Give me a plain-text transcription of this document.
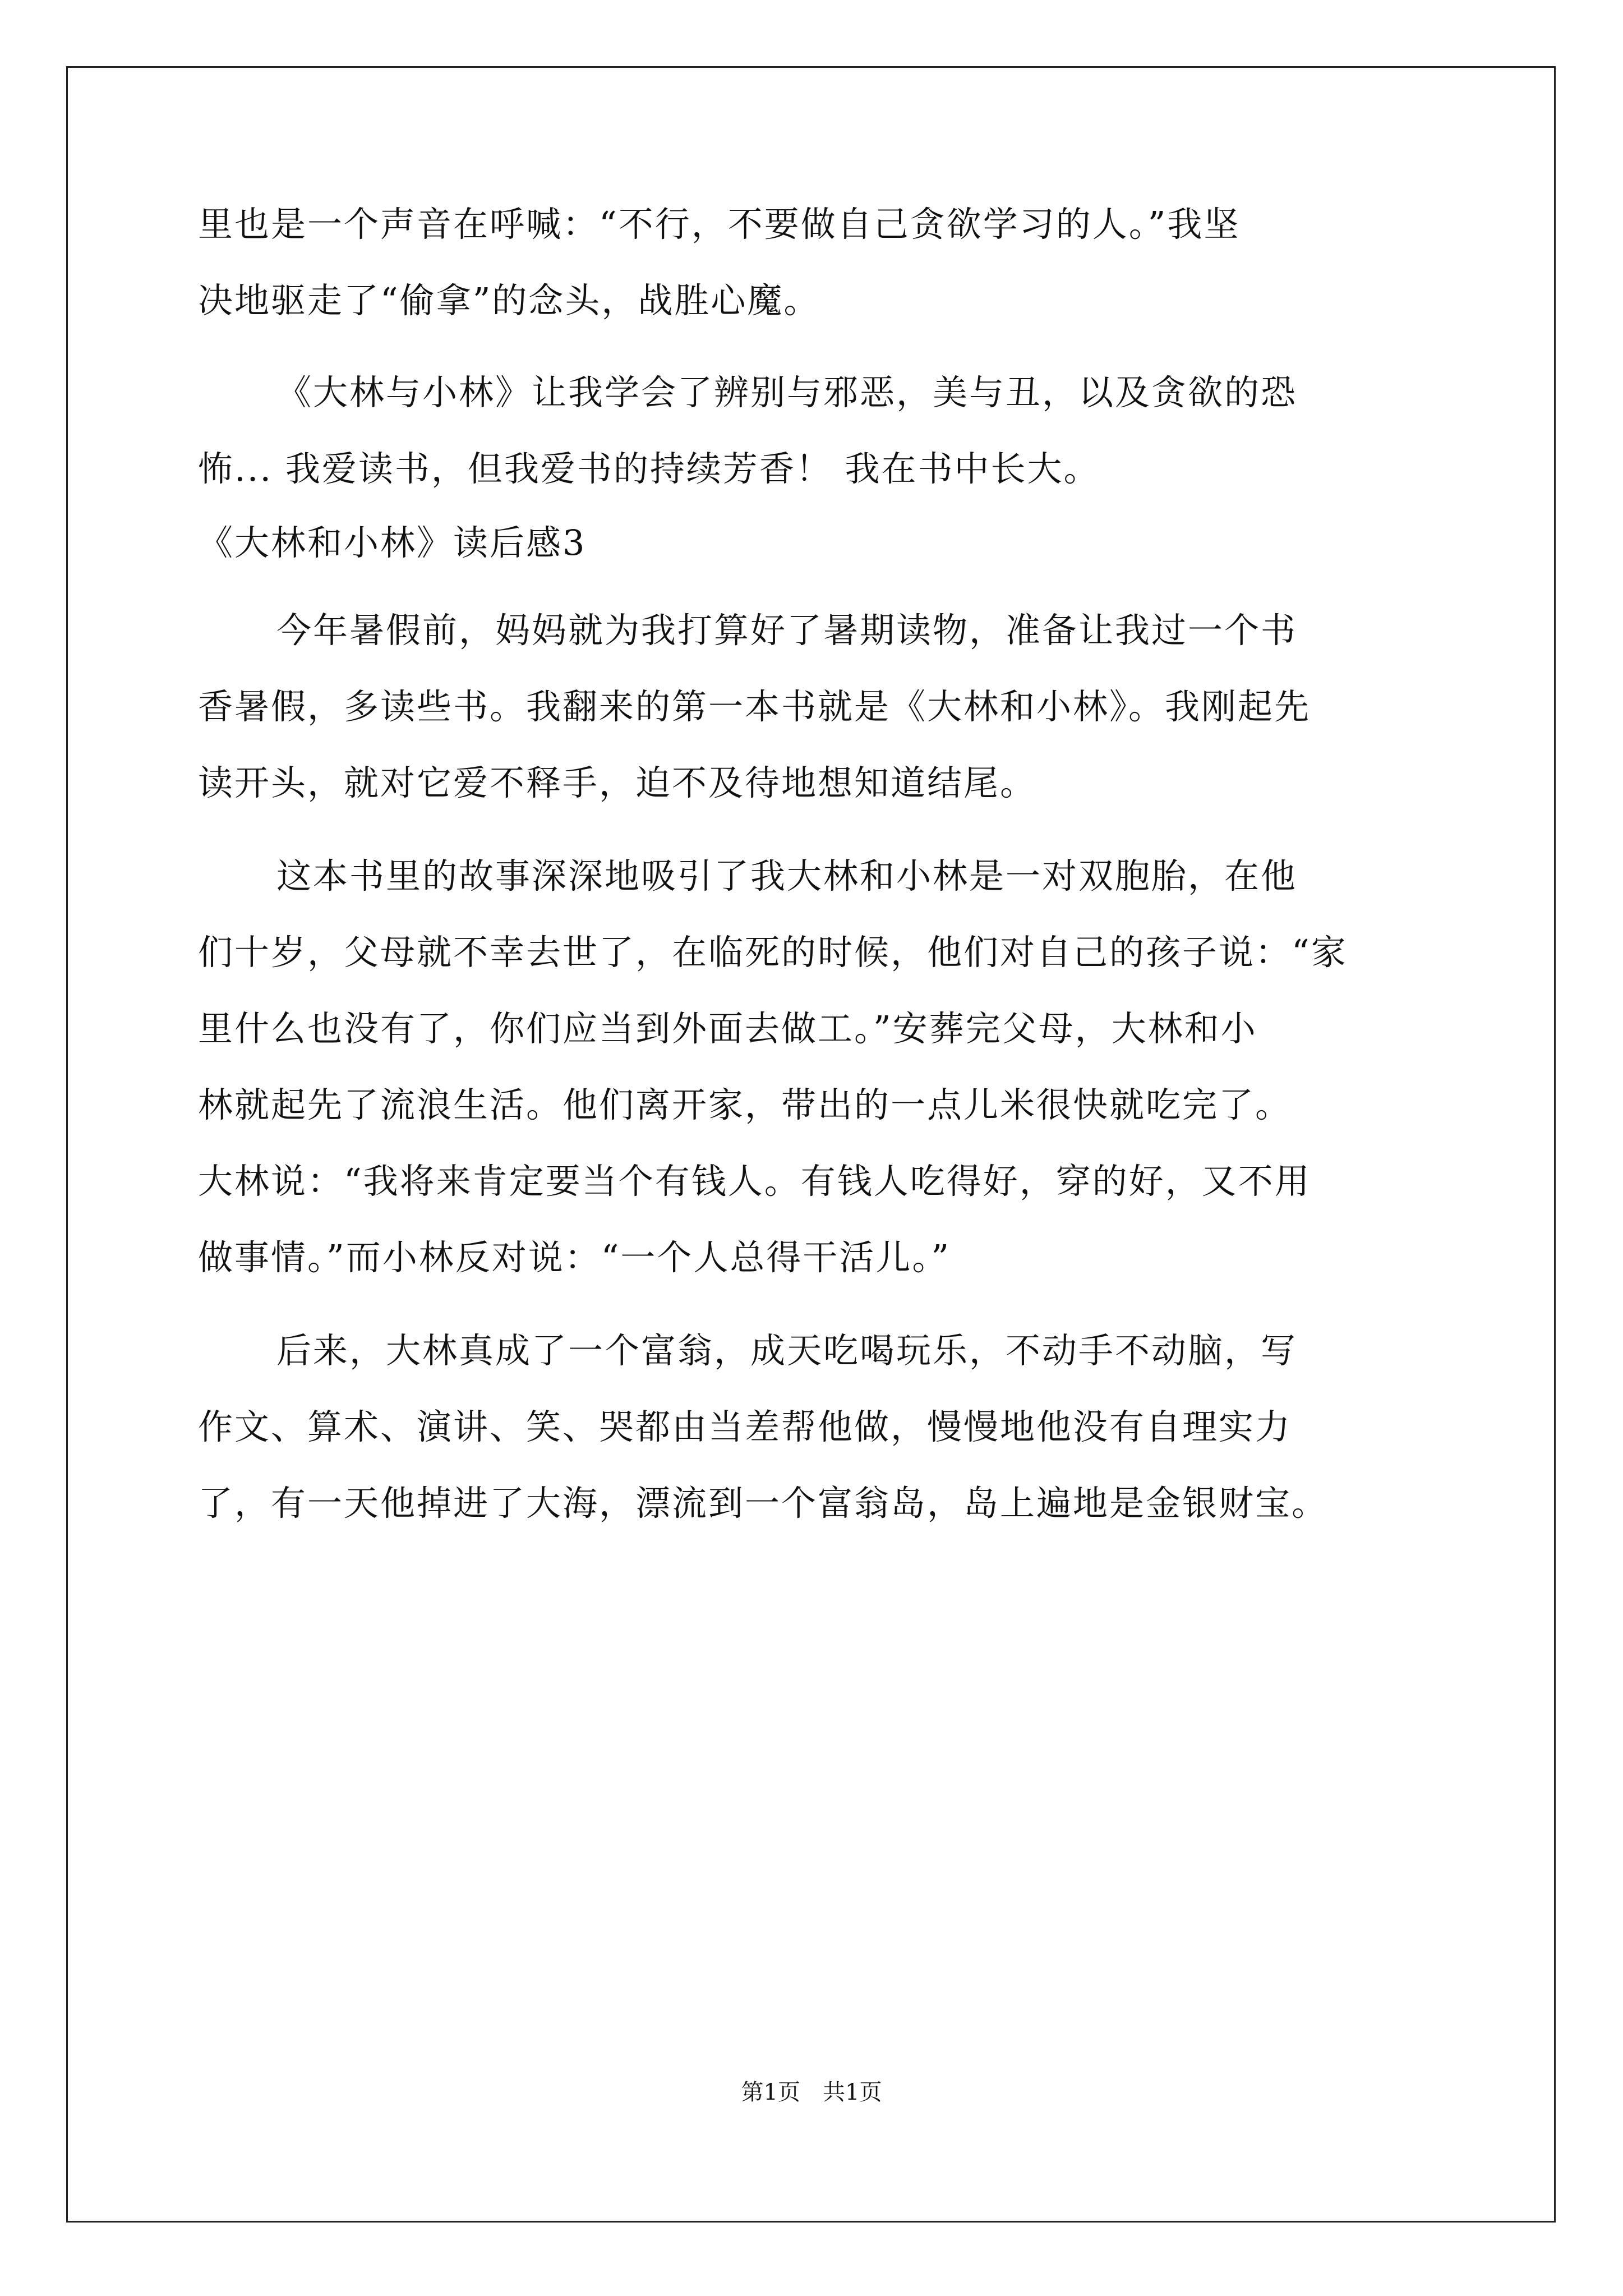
里也是一个声音在呼喊：“不行，不要做自己贪欲学习的人。”我坚
决地驱走了“偷拿”的念头，战胜心魔。
《大林与小林》让我学会了辨别与邪恶，美与丑，以及贪欲的恐
怖... 我爱读书，但我爱书的持续芳香！ 我在书中长大。
《大林和小林》读后感3
今年暑假前，妈妈就为我打算好了暑期读物，准备让我过一个书
香暑假，多读些书。我翻来的第一本书就是《大林和小林》。我刚起先
读开头，就对它爱不释手，迫不及待地想知道结尾。
这本书里的故事深深地吸引了我大林和小林是一对双胞胎，在他
们十岁，父母就不幸去世了，在临死的时候，他们对自己的孩子说：“家
里什么也没有了，你们应当到外面去做工。”安葬完父母，大林和小
林就起先了流浪生活。他们离开家，带出的一点儿米很快就吃完了。
大林说：“我将来肯定要当个有钱人。有钱人吃得好，穿的好，又不用
做事情。”而小林反对说：“一个人总得干活儿。”
后来，大林真成了一个富翁，成天吃喝玩乐，不动手不动脑，写
作文、算术、演讲、笑、哭都由当差帮他做，慢慢地他没有自理实力
了，有一天他掉进了大海，漂流到一个富翁岛，岛上遍地是金银财宝。
第1页　共1页
